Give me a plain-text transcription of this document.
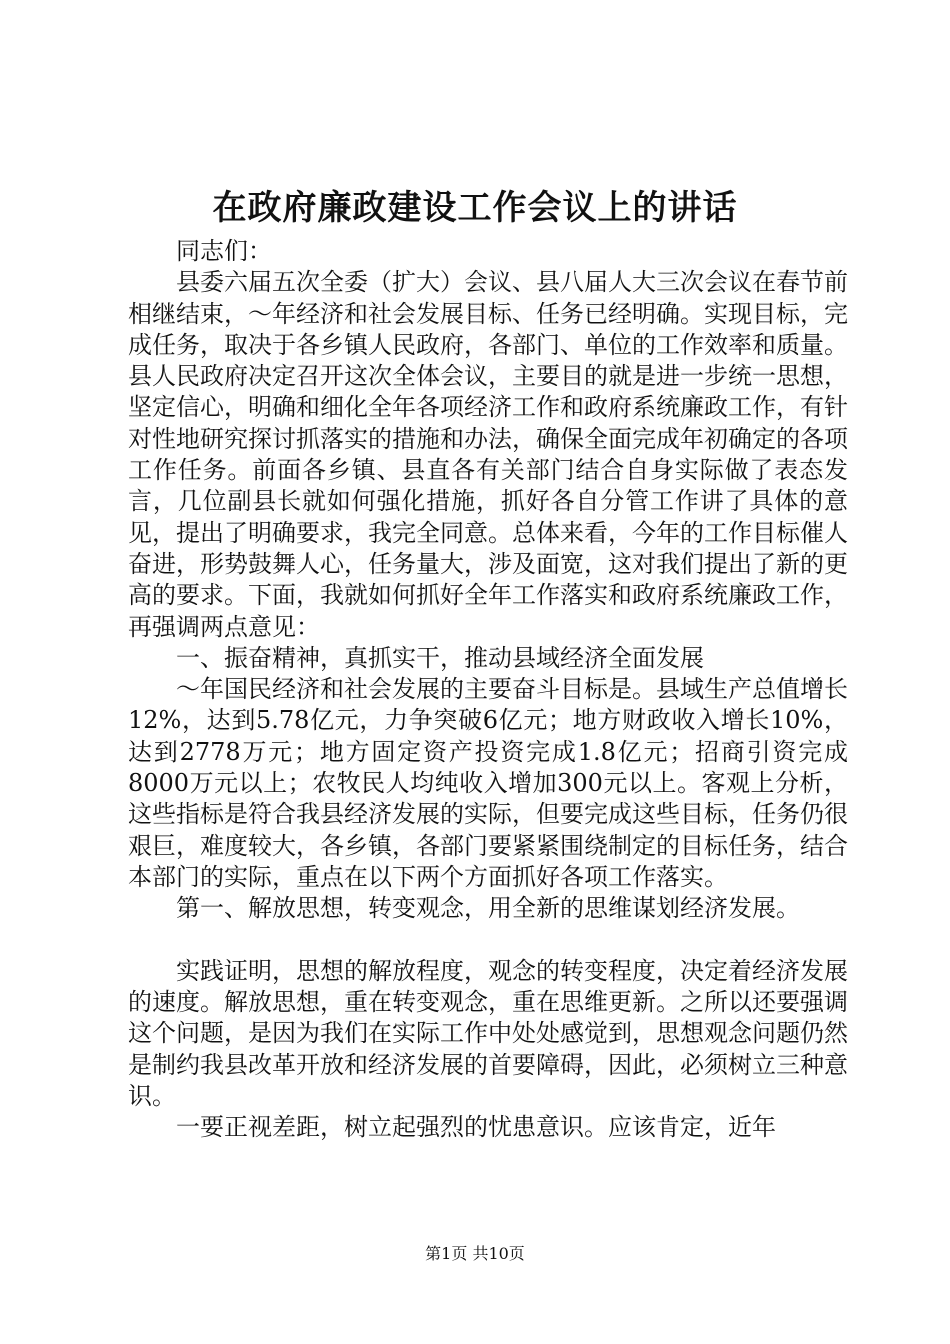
在政府廉政建设工作会议上的讲话

同志们：

县委六届五次全委（扩大）会议、县八届人大三次会议在春节前相继结束，～年经济和社会发展目标、任务已经明确。实现目标，完成任务，取决于各乡镇人民政府，各部门、单位的工作效率和质量。县人民政府决定召开这次全体会议，主要目的就是进一步统一思想，坚定信心，明确和细化全年各项经济工作和政府系统廉政工作，有针对性地研究探讨抓落实的措施和办法，确保全面完成年初确定的各项工作任务。前面各乡镇、县直各有关部门结合自身实际做了表态发言，几位副县长就如何强化措施，抓好各自分管工作讲了具体的意见，提出了明确要求，我完全同意。总体来看，今年的工作目标催人奋进，形势鼓舞人心，任务量大，涉及面宽，这对我们提出了新的更高的要求。下面，我就如何抓好全年工作落实和政府系统廉政工作，再强调两点意见：

一、振奋精神，真抓实干，推动县域经济全面发展

～年国民经济和社会发展的主要奋斗目标是。县域生产总值增长12%，达到5.78亿元，力争突破6亿元；地方财政收入增长10%，达到2778万元；地方固定资产投资完成1.8亿元；招商引资完成8000万元以上；农牧民人均纯收入增加300元以上。客观上分析，这些指标是符合我县经济发展的实际，但要完成这些目标，任务仍很艰巨，难度较大，各乡镇，各部门要紧紧围绕制定的目标任务，结合本部门的实际，重点在以下两个方面抓好各项工作落实。

第一、解放思想，转变观念，用全新的思维谋划经济发展。

实践证明，思想的解放程度，观念的转变程度，决定着经济发展的速度。解放思想，重在转变观念，重在思维更新。之所以还要强调这个问题，是因为我们在实际工作中处处感觉到，思想观念问题仍然是制约我县改革开放和经济发展的首要障碍，因此，必须树立三种意识。

一要正视差距，树立起强烈的忧患意识。应该肯定，近年

第1页 共10页
